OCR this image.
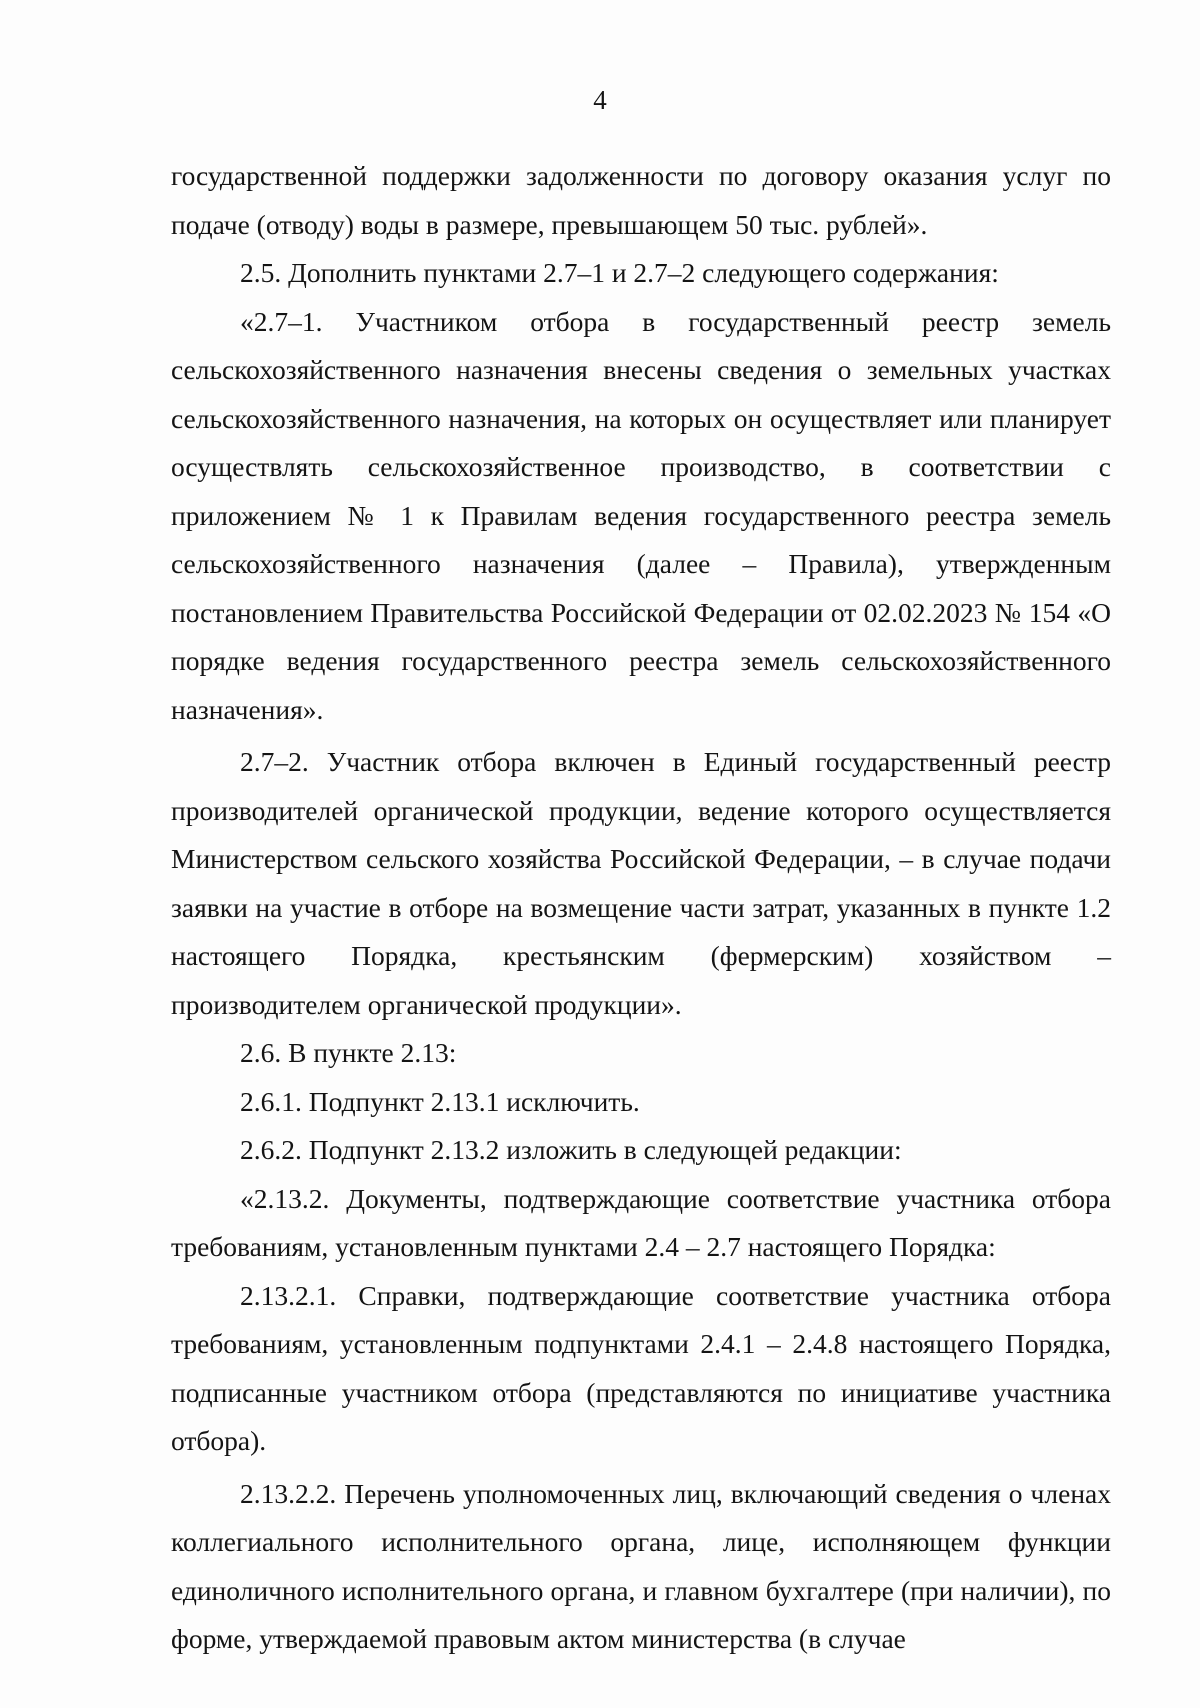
4

государственной поддержки задолженности по договору оказания услуг по подаче (отводу) воды в размере, превышающем 50 тыс. рублей».

2.5. Дополнить пунктами 2.7–1 и 2.7–2 следующего содержания:

«2.7–1. Участником отбора в государственный реестр земель сельскохозяйственного назначения внесены сведения о земельных участках сельскохозяйственного назначения, на которых он осуществляет или планирует осуществлять сельскохозяйственное производство, в соответствии с приложением № 1 к Правилам ведения государственного реестра земель сельскохозяйственного назначения (далее – Правила), утвержденным постановлением Правительства Российской Федерации от 02.02.2023 № 154 «О порядке ведения государственного реестра земель сельскохозяйственного назначения».

2.7–2. Участник отбора включен в Единый государственный реестр производителей органической продукции, ведение которого осуществляется Министерством сельского хозяйства Российской Федерации, – в случае подачи заявки на участие в отборе на возмещение части затрат, указанных в пункте 1.2 настоящего Порядка, крестьянским (фермерским) хозяйством – производителем органической продукции».

2.6. В пункте 2.13:

2.6.1. Подпункт 2.13.1 исключить.

2.6.2. Подпункт 2.13.2 изложить в следующей редакции:

«2.13.2. Документы, подтверждающие соответствие участника отбора требованиям, установленным пунктами 2.4 – 2.7 настоящего Порядка:

2.13.2.1. Справки, подтверждающие соответствие участника отбора требованиям, установленным подпунктами 2.4.1 – 2.4.8 настоящего Порядка, подписанные участником отбора (представляются по инициативе участника отбора).

2.13.2.2. Перечень уполномоченных лиц, включающий сведения о членах коллегиального исполнительного органа, лице, исполняющем функции единоличного исполнительного органа, и главном бухгалтере (при наличии), по форме, утверждаемой правовым актом министерства (в случае
